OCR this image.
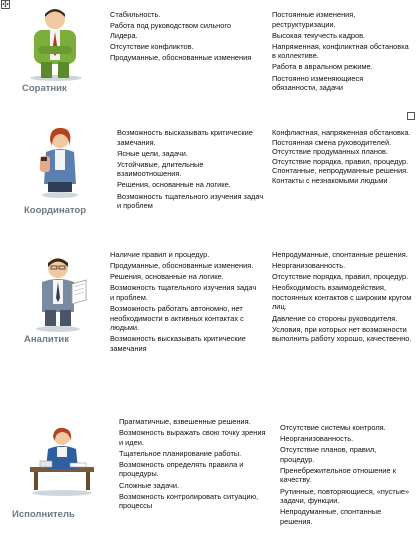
✣
Соратник

Стабильность.

Работа под руководством сильного Лидера.

Отсутствие конфликтов.

Продуманные, обоснованные изменения

Постоянные изменения, реструктуризации.

Высокая текучесть кадров.

Напряженная, конфликтная обстановка в коллективе.

Работа в авральном режиме.

Постоянно изменяющиеся обязанности, задачи

Координатор

Возможность высказывать критические замечания.

Ясные цели, задачи.

Устойчивые, длительные взаимоотношения.

Решения, основанные на логике.

Возможность тщательного изучения задач и проблем

Конфликтная, напряженная обстановка. Постоянная смена руководителей. Отсутствие продуманных планов. Отсутствие порядка, правил, процедур. Спонтанные, непродуманные решения. Контакты с незнакомыми людьми

Аналитик

Наличие правил и процедур.

Продуманные, обоснованные изменения.

Решения, основанные на логике.

Возможность тщательного изучения задач и проблем.

Возможность работать автономно, нет необходимости в активных контактах с людьми.

Возможность высказывать критические замечания

Непродуманные, спонтанные решения.

Неорганизованность.

Отсутствие порядка, правил, процедур.

Необходимость взаимодействия, постоянных контактов с широким кругом лиц.

Давление со стороны руководителя.

Условия, при которых нет возможности выполнить работу хорошо, качественно.

Исполнитель

Прагматичные, взвешенные решения.

Возможность выражать свою точку зрения и идеи.

Тщательное планирование работы.

Возможность определять правила и процедуры.

Сложные задачи.

Возможность контролировать ситуацию, процессы

Отсутствие системы контроля.

Неорганизованность.

Отсутствие планов, правил, процедур.

Пренебрежительное отношение к качеству.

Рутинные, повторяющиеся, «пустые» задачи, функции.

Непродуманные, спонтанные решения.
